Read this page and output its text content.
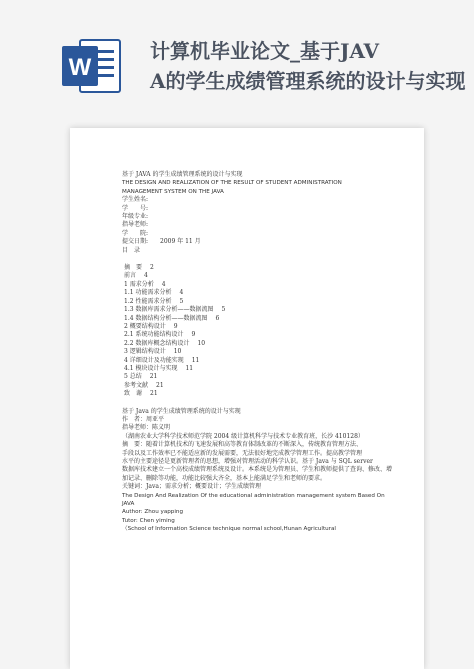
W
计算机毕业论文_基于JAV
A的学生成绩管理系统的设计与实现
基于 JAVA 的学生成绩管理系统的设计与实现
THE DESIGN AND REALIZATION OF THE RESULT OF STUDENT ADMINISTRATION
MANAGEMENT SYSTEM ON THE JAVA
学生姓名:
学　　号:
年级专业:
指导老师:
学　　院:
提交日期:　　2009 年 11 月
目　录
摘　要 2
前言 4
1 需求分析 4
1.1 功能需求分析 4
1.2 性能需求分析 5
1.3 数据库需求分析——数据流图 5
1.4 数据结构分析——数据流图 6
2 概要结构设计 9
2.1 系统功能结构设计 9
2.2 数据库概念结构设计 10
3 逻辑结构设计 10
4 详细设计及功能实现 11
4.1 模块设计与实现 11
5 总结 21
参考文献 21
致　谢 21
基于 Java 的学生成绩管理系统的设计与实现
作　者：周亚平
指导老师：陈义明
（湖南农业大学科学技术师范学院 2004 级计算机科学与技术专业教育班，长沙 410128）
摘　要：随着计算机技术的飞速发展和高等教育体制改革的不断深入，传统教育管理方法、
手段以及工作效率已不能适应新的发展需要，无法很好地完成教学管理工作。提高教学管理
水平的主要途径是更新管理者的思想，增强对管理活动的科学认识。基于 Java 与 SQL server
数据库技术建立一个高校成绩管理系统及设计。本系统是为管理员、学生和教师提供了查询、修改、增
加记录、删除等功能，功能比较强大齐全，基本上能满足学生和老师的要求。
关键词：Java；需求分析；概要设计；学生成绩管理
The Design And Realization Of the educational administration management system Based On
JAVA
Author: Zhou yapping
Tutor: Chen yiming
（School of Information Science technique normal school,Hunan Agricultural
